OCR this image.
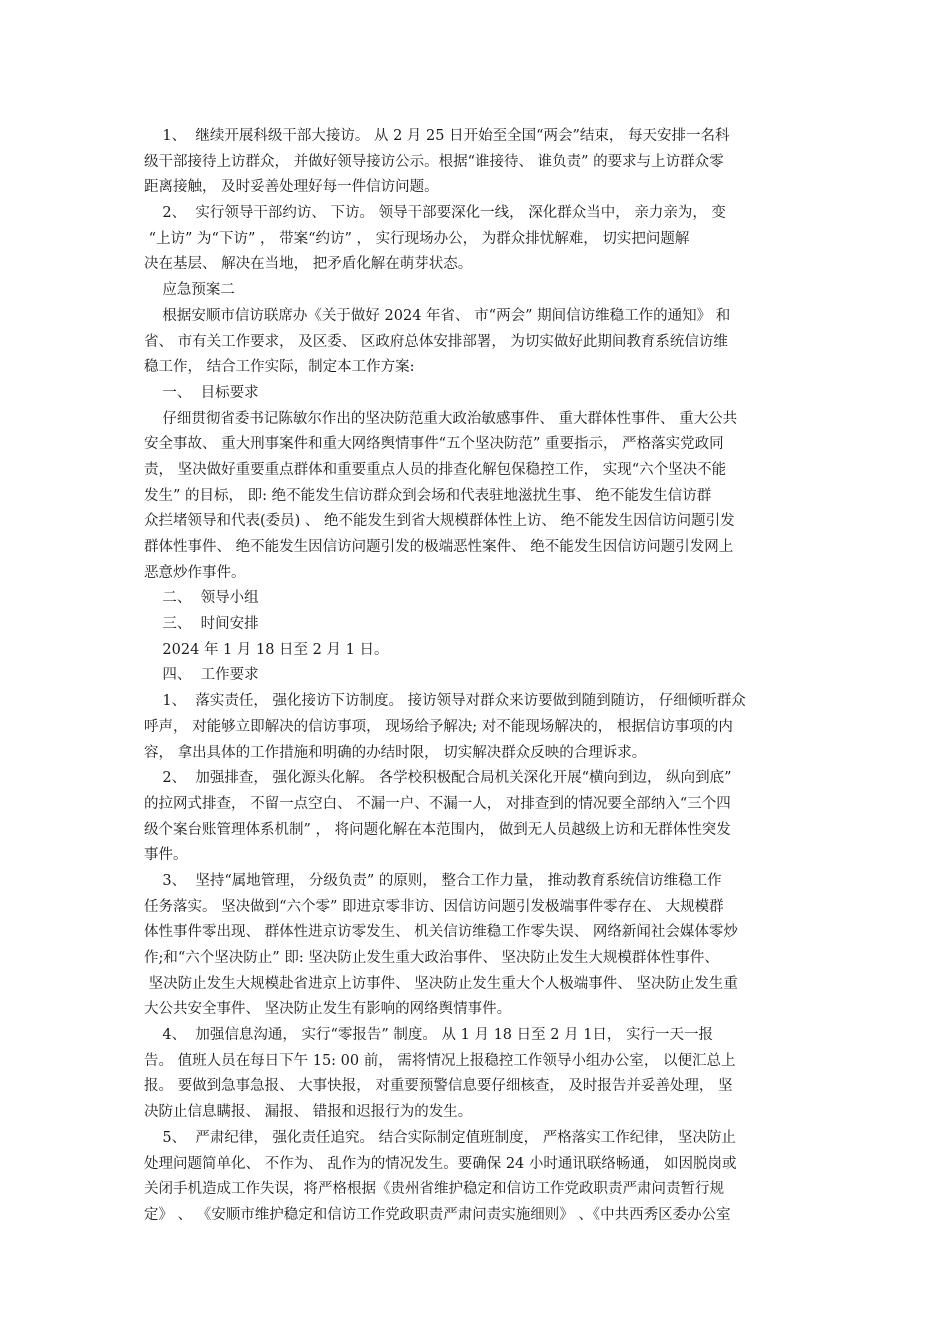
1、  继续开展科级干部大接访。 从 2 月 25 日开始至全国“两会”结束， 每天安排一名科
级干部接待上访群众， 并做好领导接访公示。根据“谁接待、 谁负责” 的要求与上访群众零
距离接触， 及时妥善处理好每一件信访问题。
2、  实行领导干部约访、 下访。 领导干部要深化一线， 深化群众当中， 亲力亲为， 变
“上访” 为“下访” ， 带案“约访” ， 实行现场办公， 为群众排忧解难， 切实把问题解
决在基层、 解决在当地， 把矛盾化解在萌芽状态。
应急预案二
根据安顺市信访联席办《关于做好 2024 年省、 市“两会” 期间信访维稳工作的通知》 和
省、 市有关工作要求， 及区委、 区政府总体安排部署， 为切实做好此期间教育系统信访维
稳工作， 结合工作实际，制定本工作方案:
一、  目标要求
仔细贯彻省委书记陈敏尔作出的坚决防范重大政治敏感事件、 重大群体性事件、 重大公共
安全事故、 重大刑事案件和重大网络舆情事件“五个坚决防范” 重要指示， 严格落实党政同
责， 坚决做好重要重点群体和重要重点人员的排查化解包保稳控工作， 实现“六个坚决不能
发生” 的目标， 即: 绝不能发生信访群众到会场和代表驻地滋扰生事、 绝不能发生信访群
众拦堵领导和代表(委员) 、 绝不能发生到省大规模群体性上访、 绝不能发生因信访问题引发
群体性事件、 绝不能发生因信访问题引发的极端恶性案件、 绝不能发生因信访问题引发网上
恶意炒作事件。
二、  领导小组
三、  时间安排
2024 年 1 月 18 日至 2 月 1 日。
四、  工作要求
1、  落实责任， 强化接访下访制度。 接访领导对群众来访要做到随到随访， 仔细倾听群众
呼声， 对能够立即解决的信访事项， 现场给予解决; 对不能现场解决的， 根据信访事项的内
容， 拿出具体的工作措施和明确的办结时限， 切实解决群众反映的合理诉求。
2、  加强排查， 强化源头化解。 各学校积极配合局机关深化开展“横向到边， 纵向到底”
的拉网式排查， 不留一点空白、 不漏一户、不漏一人， 对排查到的情况要全部纳入“三个四
级个案台账管理体系机制” ， 将问题化解在本范围内， 做到无人员越级上访和无群体性突发
事件。
3、  坚持“属地管理， 分级负责” 的原则， 整合工作力量， 推动教育系统信访维稳工作
任务落实。 坚决做到“六个零” 即进京零非访、因信访问题引发极端事件零存在、 大规模群
体性事件零出现、 群体性进京访零发生、 机关信访维稳工作零失误、 网络新闻社会媒体零炒
作;和“六个坚决防止” 即: 坚决防止发生重大政治事件、 坚决防止发生大规模群体性事件、
坚决防止发生大规模赴省进京上访事件、 坚决防止发生重大个人极端事件、 坚决防止发生重
大公共安全事件、 坚决防止发生有影响的网络舆情事件。
4、  加强信息沟通， 实行“零报告” 制度。 从 1 月 18 日至 2 月 1日， 实行一天一报
告。 值班人员在每日下午 15: 00 前， 需将情况上报稳控工作领导小组办公室， 以便汇总上
报。 要做到急事急报、 大事快报， 对重要预警信息要仔细核查， 及时报告并妥善处理， 坚
决防止信息瞒报、 漏报、 错报和迟报行为的发生。
5、  严肃纪律， 强化责任追究。 结合实际制定值班制度， 严格落实工作纪律， 坚决防止
处理问题简单化、 不作为、 乱作为的情况发生。要确保 24 小时通讯联络畅通， 如因脱岗或
关闭手机造成工作失误，将严格根据《贵州省维护稳定和信访工作党政职责严肃问责暂行规
定》 、 《安顺市维护稳定和信访工作党政职责严肃问责实施细则》 、《中共西秀区委办公室
